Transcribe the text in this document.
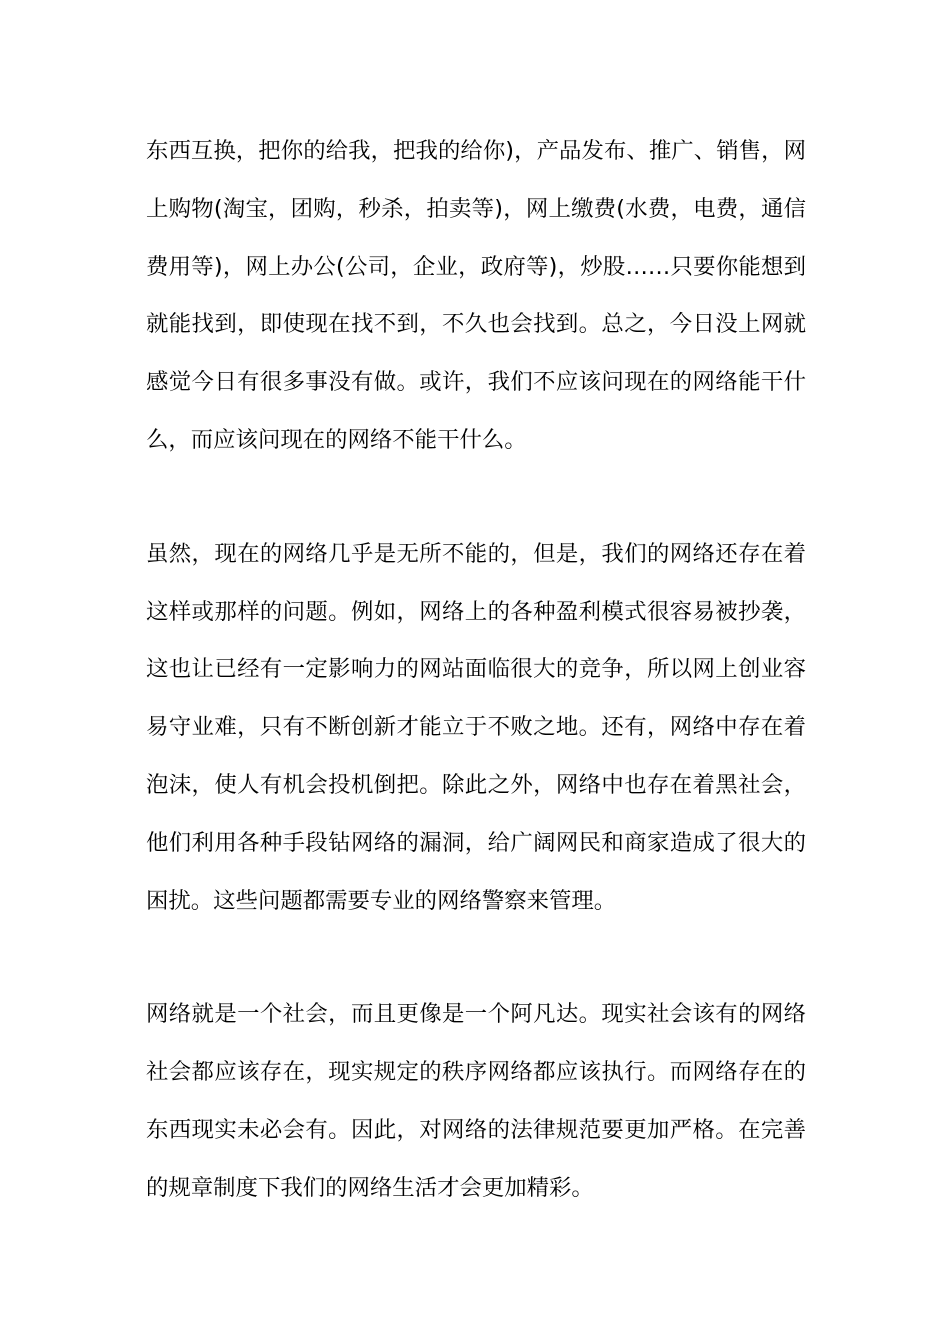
东西互换，把你的给我，把我的给你)，产品发布、推广、销售，网上购物(淘宝，团购，秒杀，拍卖等)，网上缴费(水费，电费，通信费用等)，网上办公(公司，企业，政府等)，炒股……只要你能想到就能找到，即使现在找不到，不久也会找到。总之，今日没上网就感觉今日有很多事没有做。或许，我们不应该问现在的网络能干什么，而应该问现在的网络不能干什么。

虽然，现在的网络几乎是无所不能的，但是，我们的网络还存在着这样或那样的问题。例如，网络上的各种盈利模式很容易被抄袭，这也让已经有一定影响力的网站面临很大的竞争，所以网上创业容易守业难，只有不断创新才能立于不败之地。还有，网络中存在着泡沫，使人有机会投机倒把。除此之外，网络中也存在着黑社会，他们利用各种手段钻网络的漏洞，给广阔网民和商家造成了很大的困扰。这些问题都需要专业的网络警察来管理。

网络就是一个社会，而且更像是一个阿凡达。现实社会该有的网络社会都应该存在，现实规定的秩序网络都应该执行。而网络存在的东西现实未必会有。因此，对网络的法律规范要更加严格。在完善的规章制度下我们的网络生活才会更加精彩。
